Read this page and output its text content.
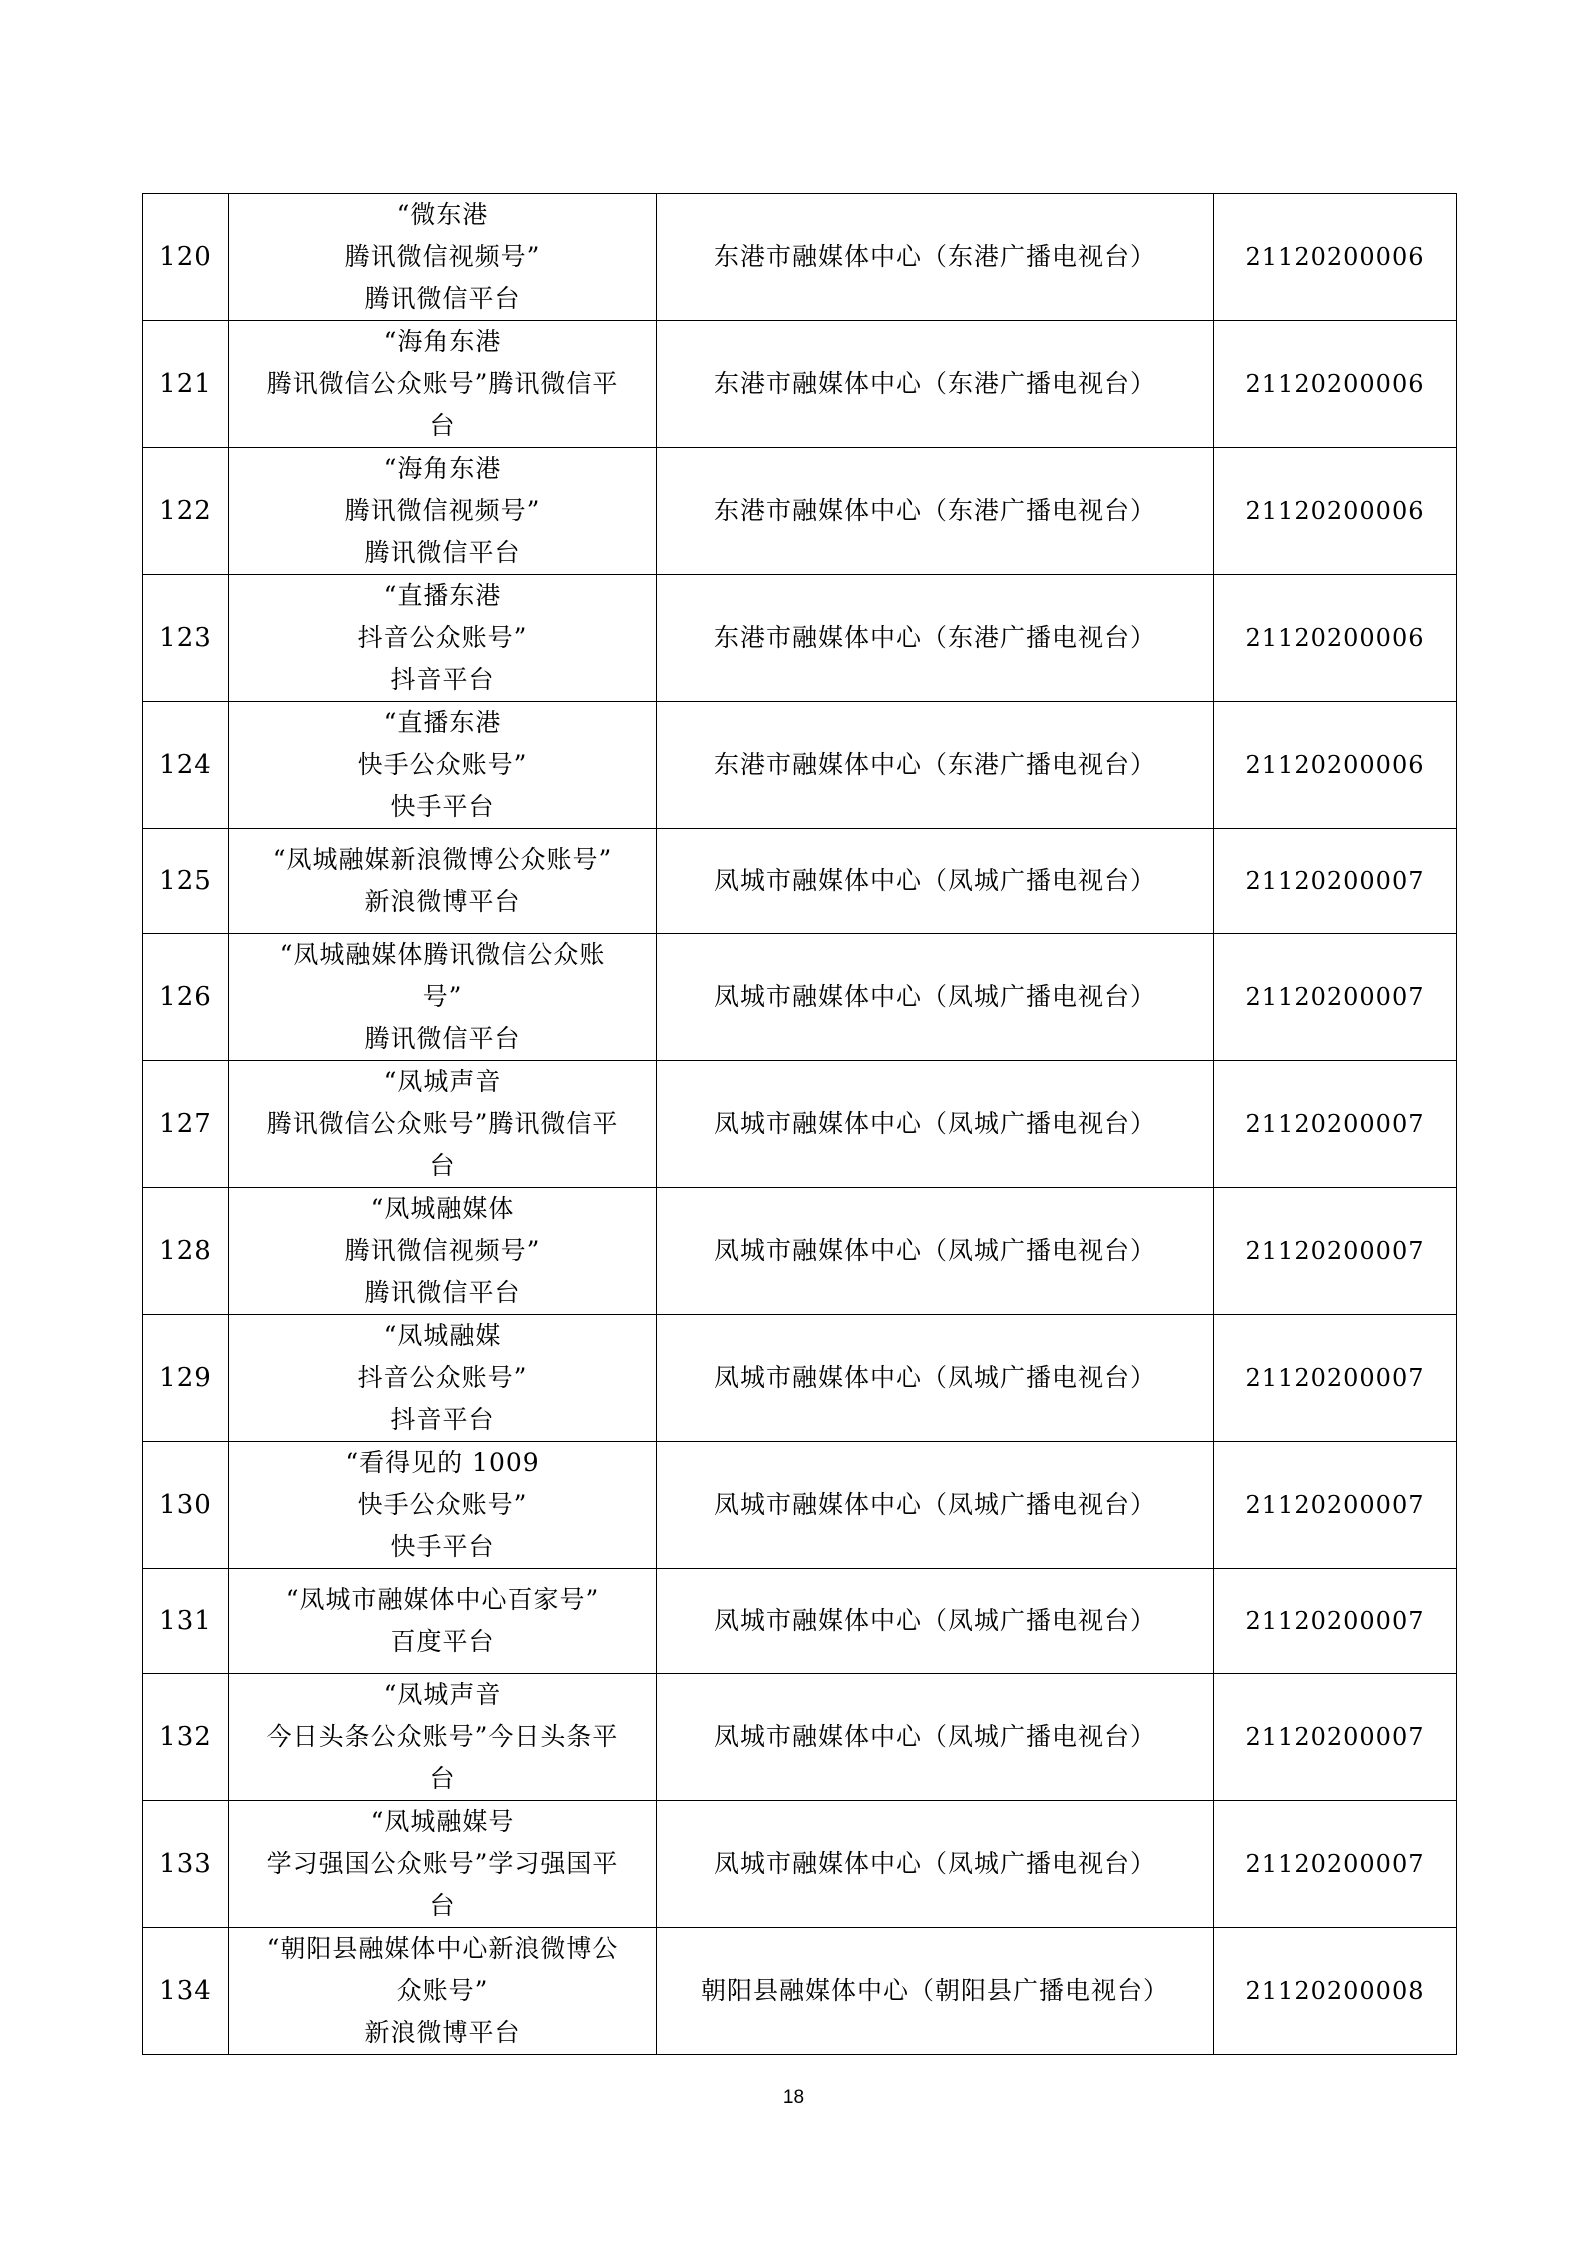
120	“微东港
腾讯微信视频号”
腾讯微信平台	东港市融媒体中心（东港广播电视台）	21120200006
121	“海角东港
腾讯微信公众账号”腾讯微信平
台	东港市融媒体中心（东港广播电视台）	21120200006
122	“海角东港
腾讯微信视频号”
腾讯微信平台	东港市融媒体中心（东港广播电视台）	21120200006
123	“直播东港
抖音公众账号”
抖音平台	东港市融媒体中心（东港广播电视台）	21120200006
124	“直播东港
快手公众账号”
快手平台	东港市融媒体中心（东港广播电视台）	21120200006
125	“凤城融媒新浪微博公众账号”
新浪微博平台	凤城市融媒体中心（凤城广播电视台）	21120200007
126	“凤城融媒体腾讯微信公众账
号”
腾讯微信平台	凤城市融媒体中心（凤城广播电视台）	21120200007
127	“凤城声音
腾讯微信公众账号”腾讯微信平
台	凤城市融媒体中心（凤城广播电视台）	21120200007
128	“凤城融媒体
腾讯微信视频号”
腾讯微信平台	凤城市融媒体中心（凤城广播电视台）	21120200007
129	“凤城融媒
抖音公众账号”
抖音平台	凤城市融媒体中心（凤城广播电视台）	21120200007
130	“看得见的 1009
快手公众账号”
快手平台	凤城市融媒体中心（凤城广播电视台）	21120200007
131	“凤城市融媒体中心百家号”
百度平台	凤城市融媒体中心（凤城广播电视台）	21120200007
132	“凤城声音
今日头条公众账号”今日头条平
台	凤城市融媒体中心（凤城广播电视台）	21120200007
133	“凤城融媒号
学习强国公众账号”学习强国平
台	凤城市融媒体中心（凤城广播电视台）	21120200007
134	“朝阳县融媒体中心新浪微博公
众账号”
新浪微博平台	朝阳县融媒体中心（朝阳县广播电视台）	21120200008
18
